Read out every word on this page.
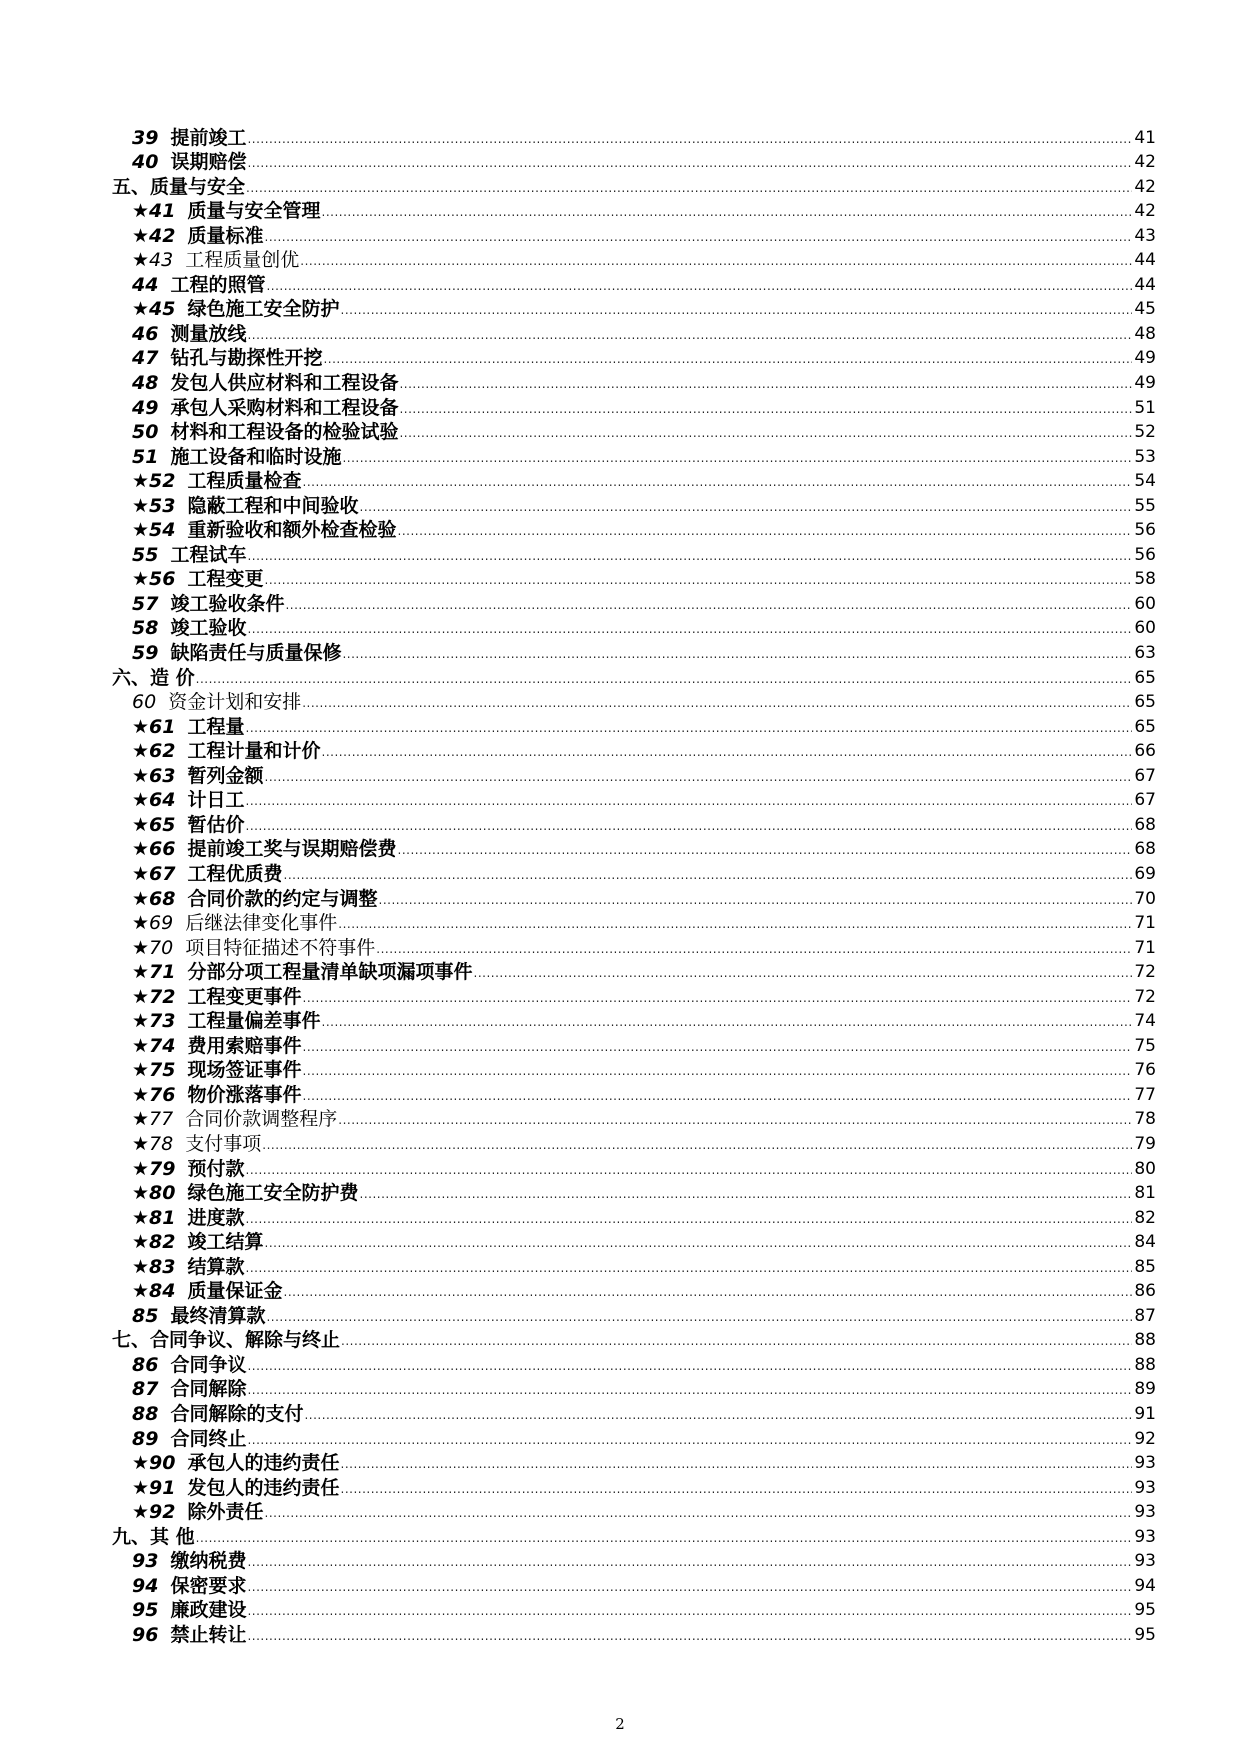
39 提前竣工 .....	41
40 误期赔偿 .....	42
五、质量与安全 .....	42
★41 质量与安全管理 .....	42
★42 质量标准 .....	43
★43 工程质量创优 .....	44
44 工程的照管 .....	44
★45 绿色施工安全防护 .....	45
46 测量放线 .....	48
47 钻孔与勘探性开挖 .....	49
48 发包人供应材料和工程设备 .....	49
49 承包人采购材料和工程设备 .....	51
50 材料和工程设备的检验试验 .....	52
51 施工设备和临时设施 .....	53
★52 工程质量检查 .....	54
★53 隐蔽工程和中间验收 .....	55
★54 重新验收和额外检查检验 .....	56
55 工程试车 .....	56
★56 工程变更 .....	58
57 竣工验收条件 .....	60
58 竣工验收 .....	60
59 缺陷责任与质量保修 .....	63
六、造 价 .....	65
60 资金计划和安排 .....	65
★61 工程量 .....	65
★62 工程计量和计价 .....	66
★63 暂列金额 .....	67
★64 计日工 .....	67
★65 暂估价 .....	68
★66 提前竣工奖与误期赔偿费 .....	68
★67 工程优质费 .....	69
★68 合同价款的约定与调整 .....	70
★69 后继法律变化事件 .....	71
★70 项目特征描述不符事件 .....	71
★71 分部分项工程量清单缺项漏项事件 .....	72
★72 工程变更事件 .....	72
★73 工程量偏差事件 .....	74
★74 费用索赔事件 .....	75
★75 现场签证事件 .....	76
★76 物价涨落事件 .....	77
★77 合同价款调整程序 .....	78
★78 支付事项 .....	79
★79 预付款 .....	80
★80 绿色施工安全防护费 .....	81
★81 进度款 .....	82
★82 竣工结算 .....	84
★83 结算款 .....	85
★84 质量保证金 .....	86
85 最终清算款 .....	87
七、合同争议、解除与终止 .....	88
86 合同争议 .....	88
87 合同解除 .....	89
88 合同解除的支付 .....	91
89 合同终止 .....	92
★90 承包人的违约责任 .....	93
★91 发包人的违约责任 .....	93
★92 除外责任 .....	93
九、其 他 .....	93
93 缴纳税费 .....	93
94 保密要求 .....	94
95 廉政建设 .....	95
96 禁止转让 .....	95
2
